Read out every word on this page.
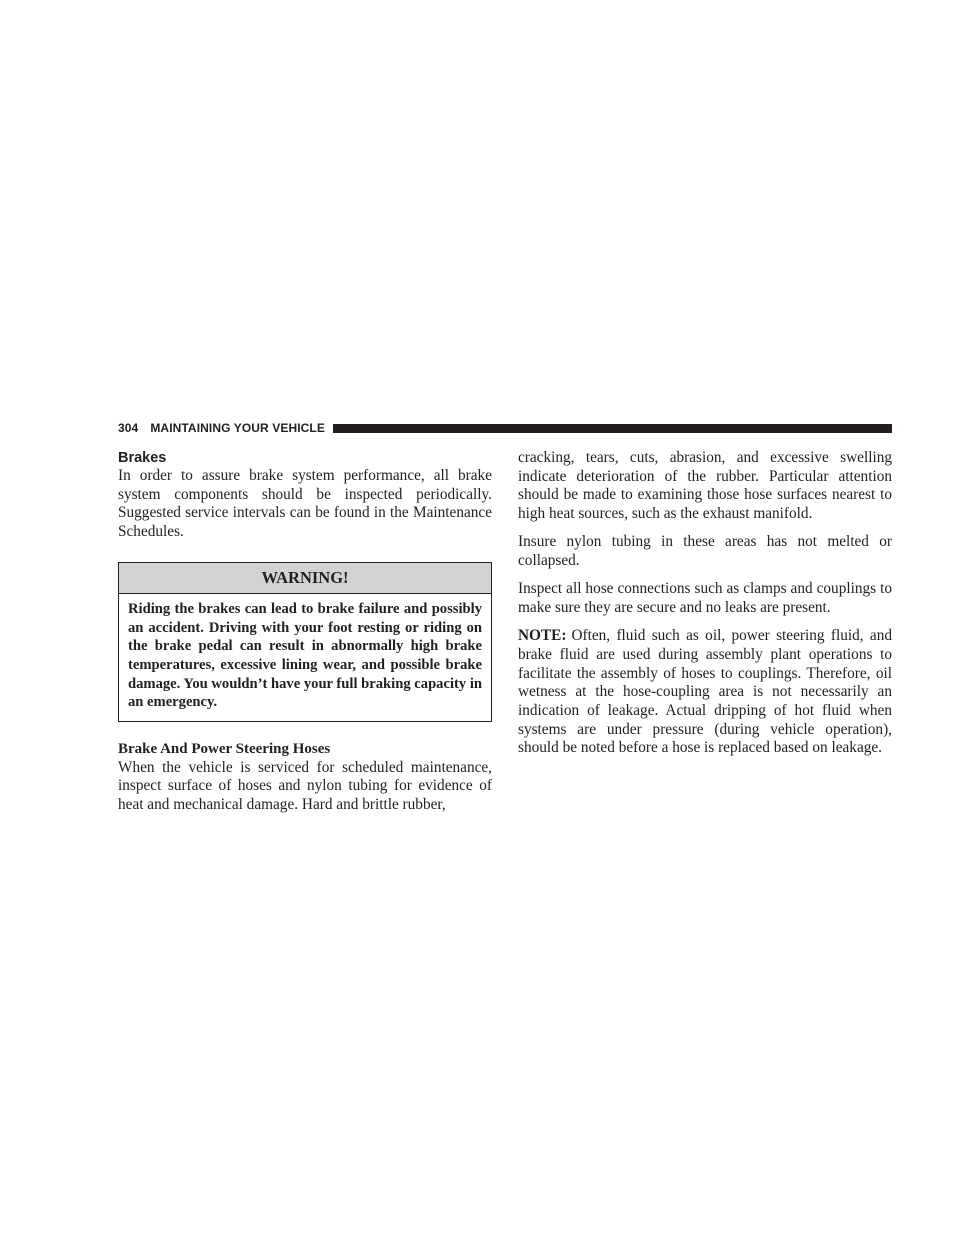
304 MAINTAINING YOUR VEHICLE
Brakes

In order to assure brake system performance, all brake system components should be inspected periodically. Suggested service intervals can be found in the Maintenance Schedules.

WARNING!
Riding the brakes can lead to brake failure and possibly an accident. Driving with your foot resting or riding on the brake pedal can result in abnormally high brake temperatures, excessive lining wear, and possible brake damage. You wouldn’t have your full braking capacity in an emergency.
Brake And Power Steering Hoses

When the vehicle is serviced for scheduled maintenance, inspect surface of hoses and nylon tubing for evidence of heat and mechanical damage. Hard and brittle rubber,

cracking, tears, cuts, abrasion, and excessive swelling indicate deterioration of the rubber. Particular attention should be made to examining those hose surfaces nearest to high heat sources, such as the exhaust manifold.

Insure nylon tubing in these areas has not melted or collapsed.

Inspect all hose connections such as clamps and couplings to make sure they are secure and no leaks are present.

NOTE: Often, fluid such as oil, power steering fluid, and brake fluid are used during assembly plant operations to facilitate the assembly of hoses to couplings. Therefore, oil wetness at the hose-coupling area is not necessarily an indication of leakage. Actual dripping of hot fluid when systems are under pressure (during vehicle operation), should be noted before a hose is replaced based on leakage.
